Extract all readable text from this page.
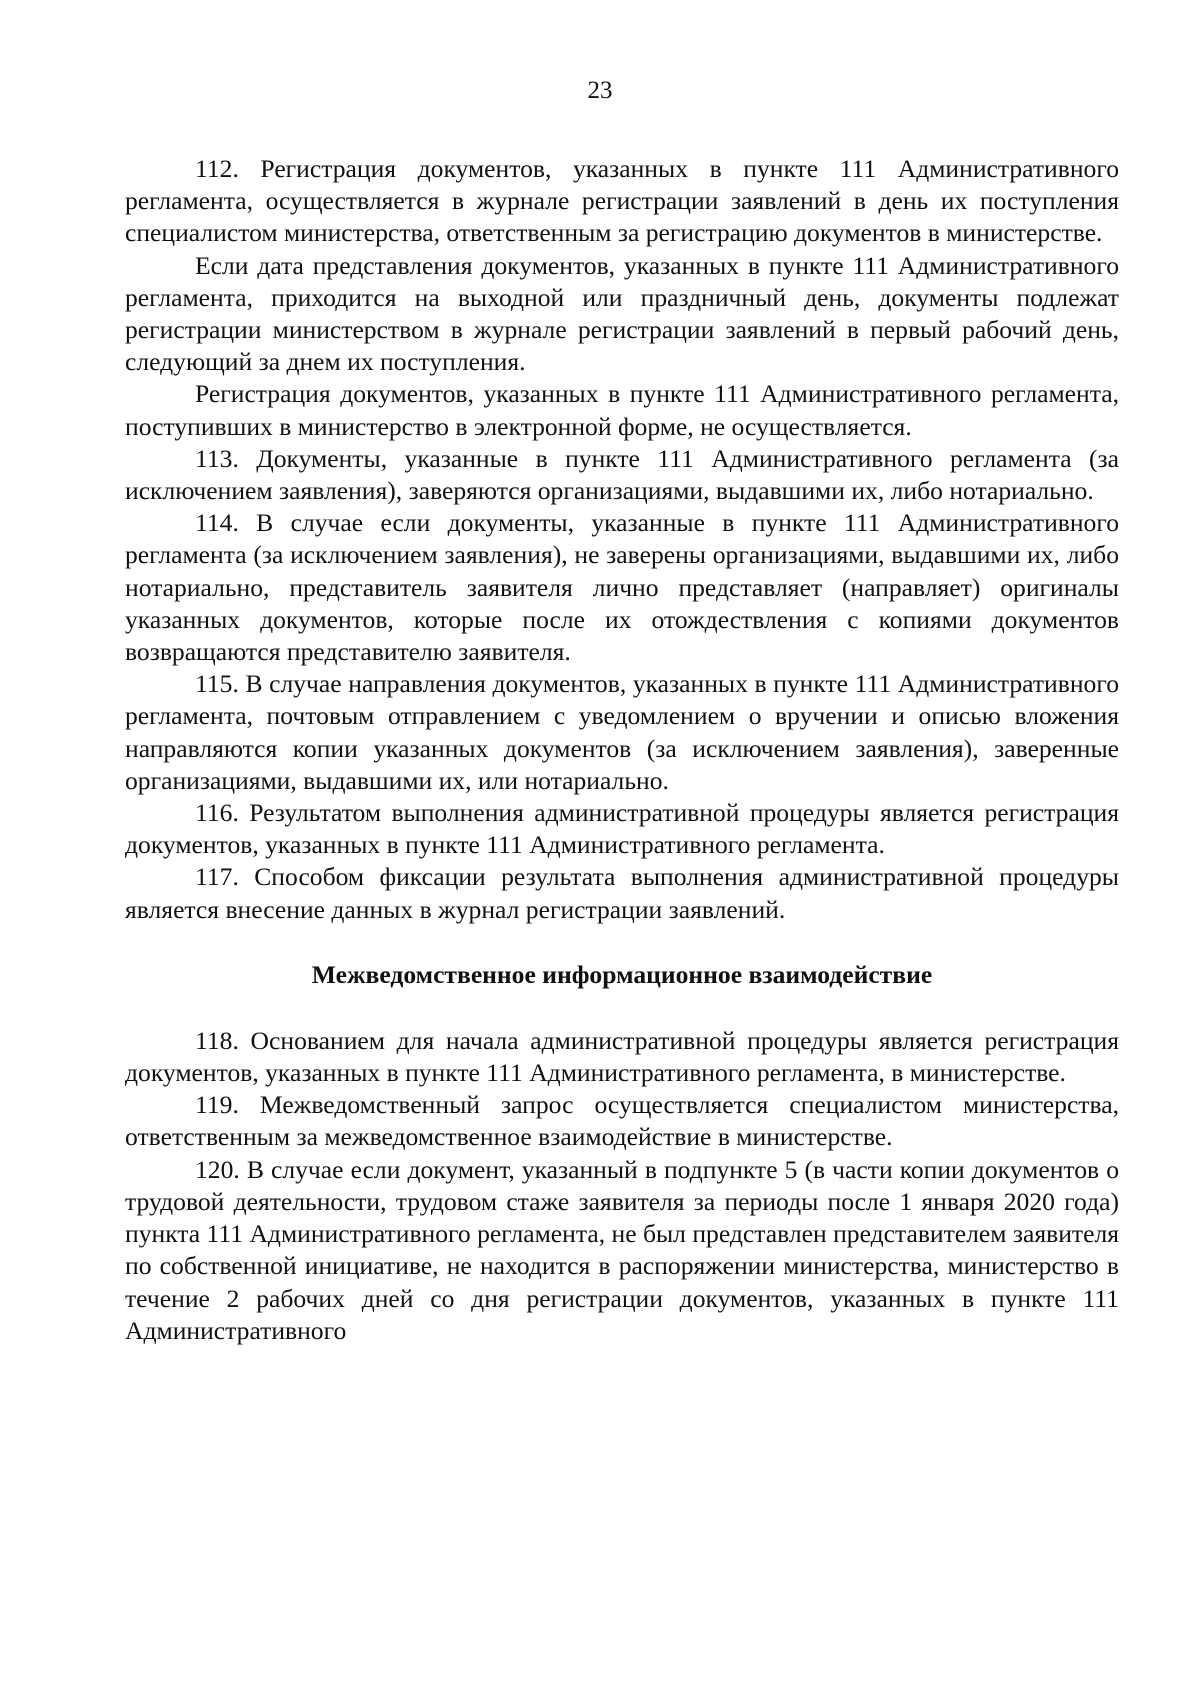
23

112. Регистрация документов, указанных в пункте 111 Административного регламента, осуществляется в журнале регистрации заявлений в день их поступления специалистом министерства, ответственным за регистрацию документов в министерстве.

Если дата представления документов, указанных в пункте 111 Административного регламента, приходится на выходной или праздничный день, документы подлежат регистрации министерством в журнале регистрации заявлений в первый рабочий день, следующий за днем их поступления.

Регистрация документов, указанных в пункте 111 Административного регламента, поступивших в министерство в электронной форме, не осуществляется.

113. Документы, указанные в пункте 111 Административного регламента (за исключением заявления), заверяются организациями, выдавшими их, либо нотариально.

114. В случае если документы, указанные в пункте 111 Административного регламента (за исключением заявления), не заверены организациями, выдавшими их, либо нотариально, представитель заявителя лично представляет (направляет) оригиналы указанных документов, которые после их отождествления с копиями документов возвращаются представителю заявителя.

115. В случае направления документов, указанных в пункте 111 Административного регламента, почтовым отправлением с уведомлением о вручении и описью вложения направляются копии указанных документов (за исключением заявления), заверенные организациями, выдавшими их, или нотариально.

116. Результатом выполнения административной процедуры является регистрация документов, указанных в пункте 111 Административного регламента.

117. Способом фиксации результата выполнения административной процедуры является внесение данных в журнал регистрации заявлений.

Межведомственное информационное взаимодействие

118. Основанием для начала административной процедуры является регистрация документов, указанных в пункте 111 Административного регламента, в министерстве.

119. Межведомственный запрос осуществляется специалистом министерства, ответственным за межведомственное взаимодействие в министерстве.

120. В случае если документ, указанный в подпункте 5 (в части копии документов о трудовой деятельности, трудовом стаже заявителя за периоды после 1 января 2020 года) пункта 111 Административного регламента, не был представлен представителем заявителя по собственной инициативе, не находится в распоряжении министерства, министерство в течение 2 рабочих дней со дня регистрации документов, указанных в пункте 111 Административного
